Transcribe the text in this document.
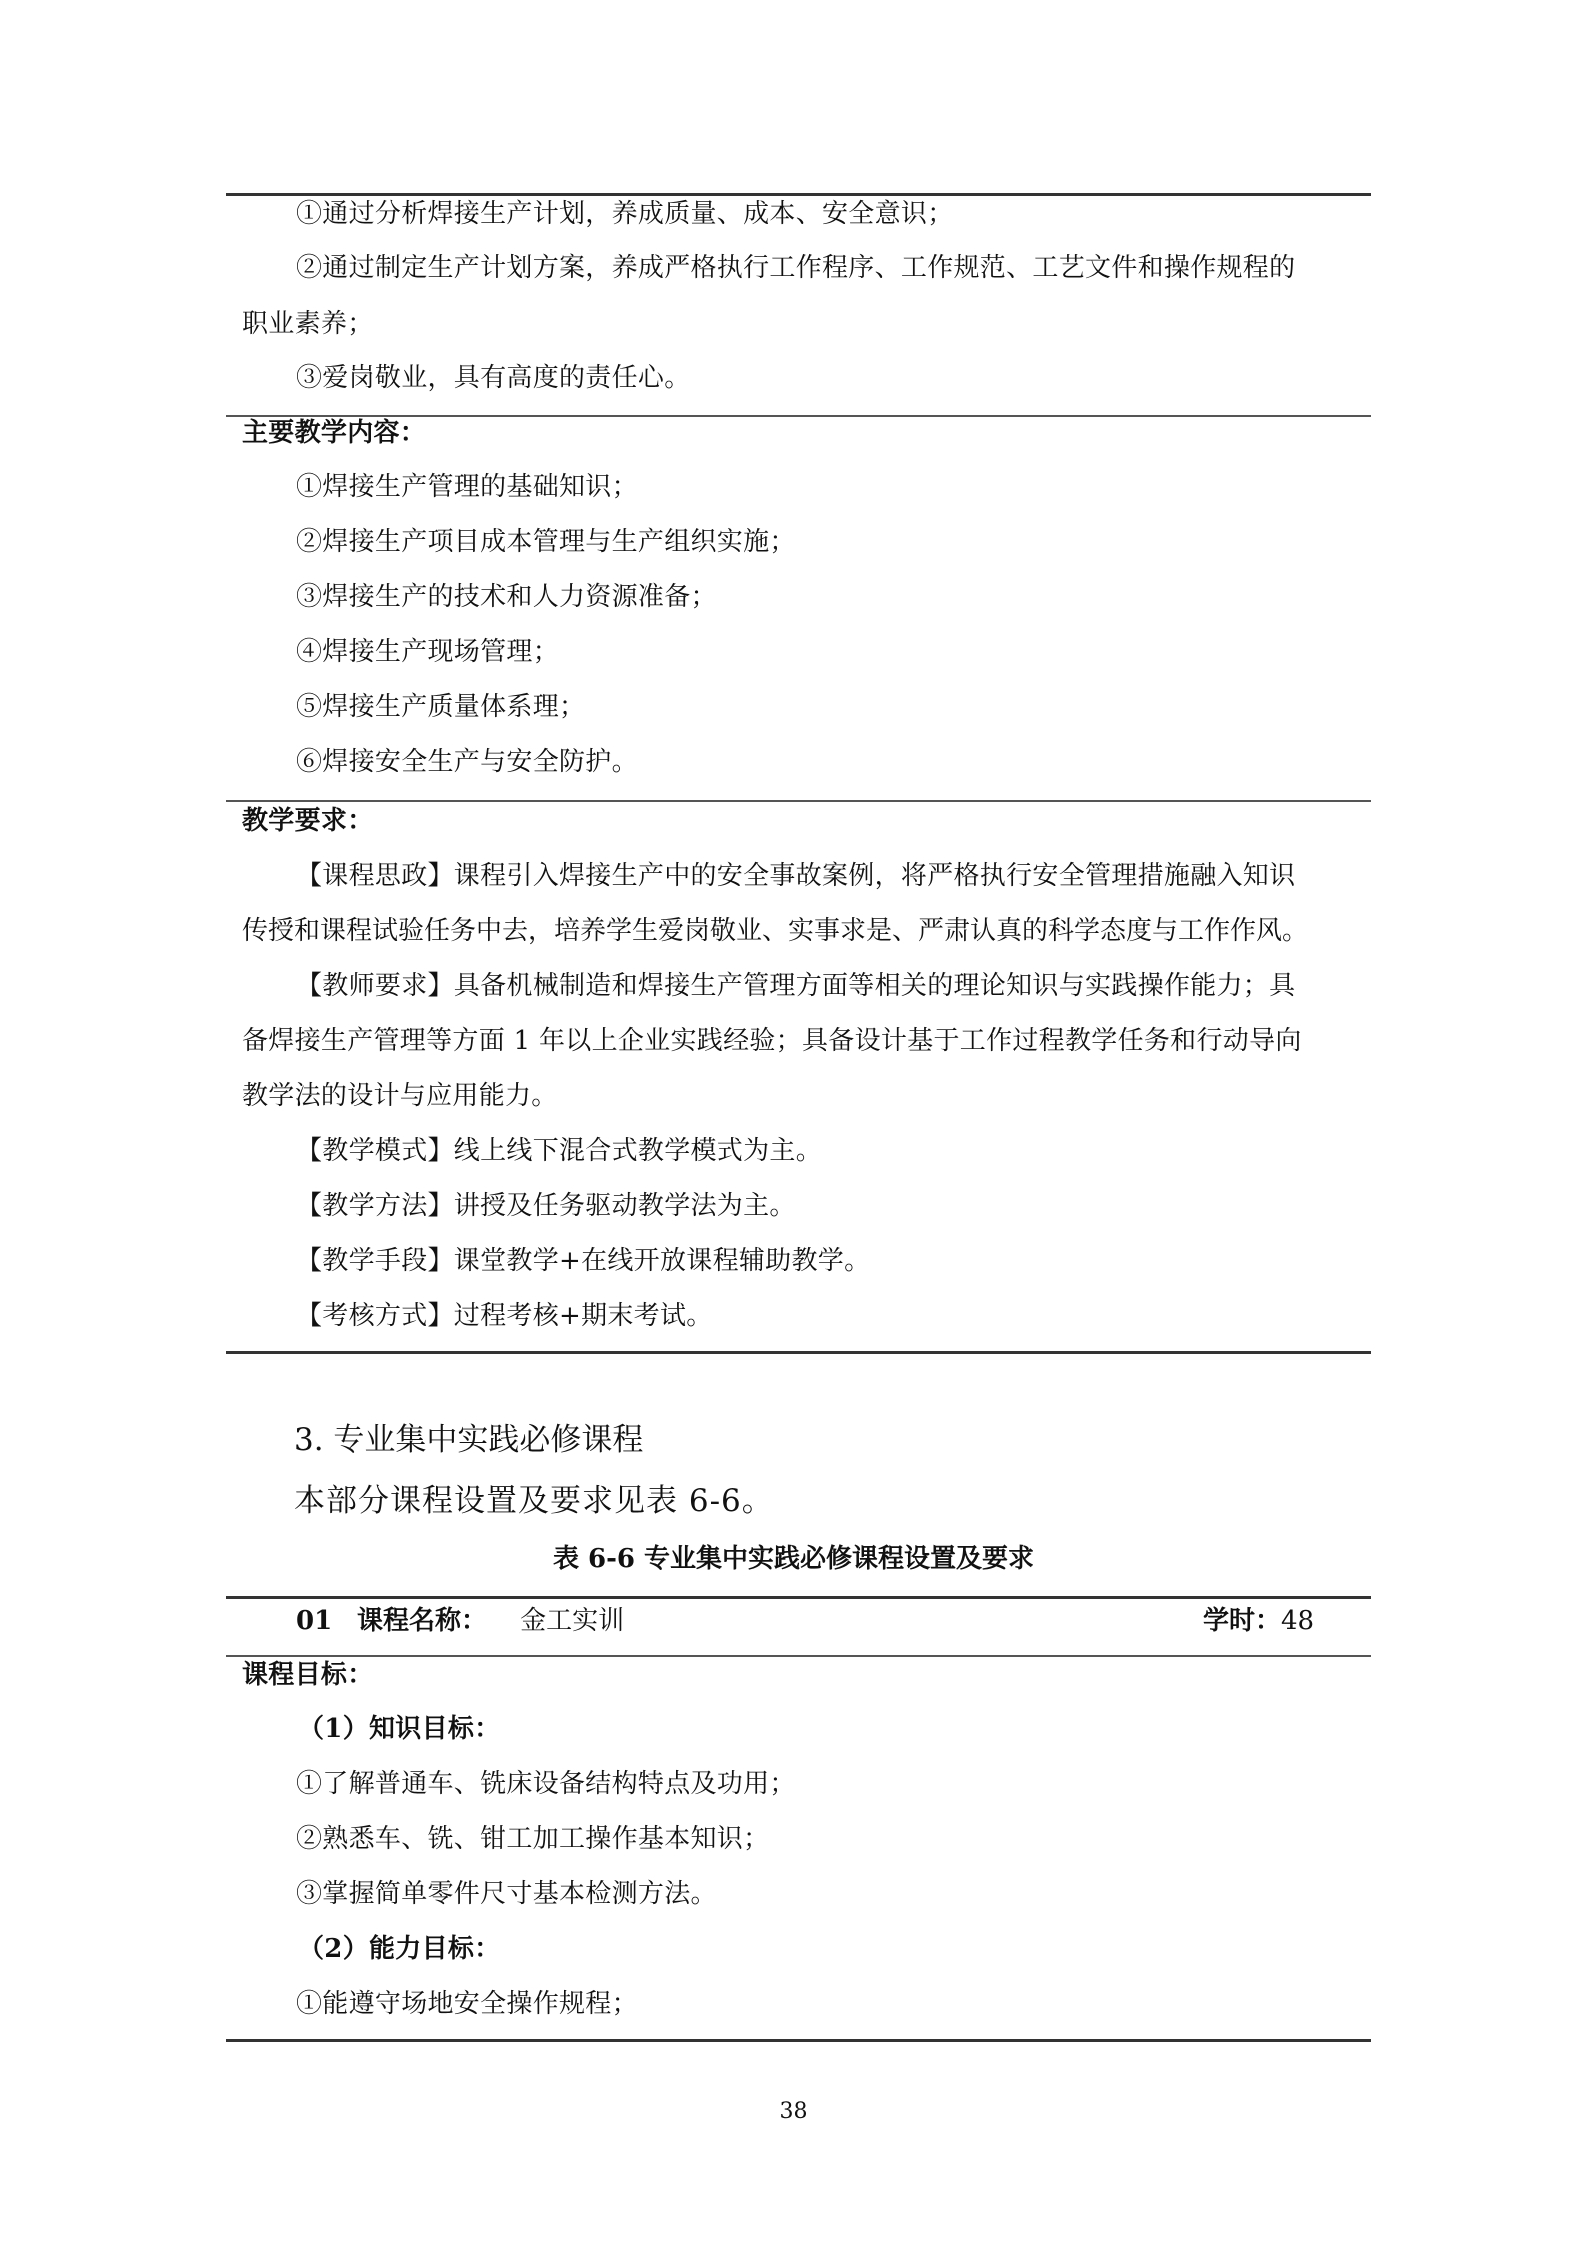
①通过分析焊接生产计划，养成质量、成本、安全意识；
②通过制定生产计划方案，养成严格执行工作程序、工作规范、工艺文件和操作规程的
职业素养；
③爱岗敬业，具有高度的责任心。
主要教学内容：
①焊接生产管理的基础知识；
②焊接生产项目成本管理与生产组织实施；
③焊接生产的技术和人力资源准备；
④焊接生产现场管理；
⑤焊接生产质量体系理；
⑥焊接安全生产与安全防护。
教学要求：
【课程思政】课程引入焊接生产中的安全事故案例，将严格执行安全管理措施融入知识
传授和课程试验任务中去，培养学生爱岗敬业、实事求是、严肃认真的科学态度与工作作风。
【教师要求】具备机械制造和焊接生产管理方面等相关的理论知识与实践操作能力；具
备焊接生产管理等方面 1 年以上企业实践经验；具备设计基于工作过程教学任务和行动导向
教学法的设计与应用能力。
【教学模式】线上线下混合式教学模式为主。
【教学方法】讲授及任务驱动教学法为主。
【教学手段】课堂教学+在线开放课程辅助教学。
【考核方式】过程考核+期末考试。
3. 专业集中实践必修课程
本部分课程设置及要求见表 6-6。
表 6-6 专业集中实践必修课程设置及要求
01 课程名称： 金工实训	学时：48
课程目标：
（1）知识目标：
①了解普通车、铣床设备结构特点及功用；
②熟悉车、铣、钳工加工操作基本知识；
③掌握简单零件尺寸基本检测方法。
（2）能力目标：
①能遵守场地安全操作规程；
38
